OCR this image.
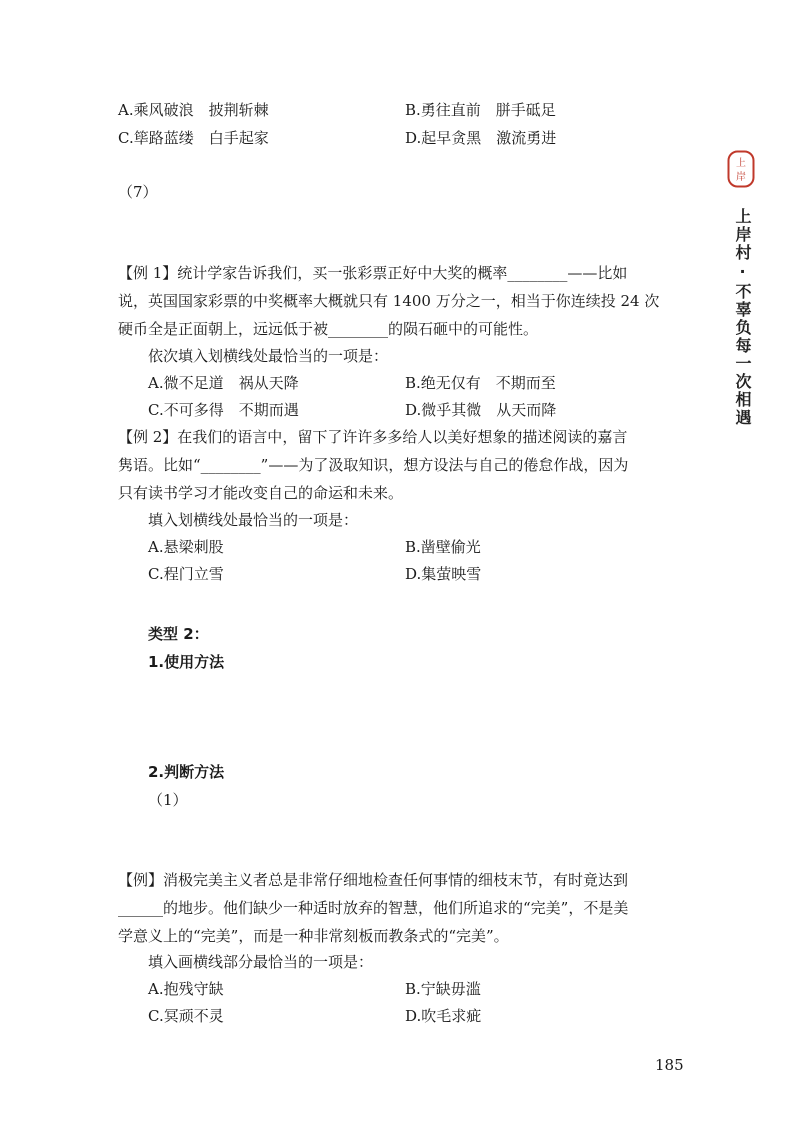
A.乘风破浪　披荆斩棘	B.勇往直前　胼手砥足
C.筚路蓝缕　白手起家	D.起早贪黑　激流勇进
（7）
【例 1】统计学家告诉我们，买一张彩票正好中大奖的概率________——比如
说，英国国家彩票的中奖概率大概就只有 1400 万分之一，相当于你连续投 24 次
硬币全是正面朝上，远远低于被________的陨石砸中的可能性。
依次填入划横线处最恰当的一项是：
A.微不足道　祸从天降	B.绝无仅有　不期而至
C.不可多得　不期而遇	D.微乎其微　从天而降
【例 2】在我们的语言中，留下了许许多多给人以美好想象的描述阅读的嘉言
隽语。比如“________”——为了汲取知识，想方设法与自己的倦怠作战，因为
只有读书学习才能改变自己的命运和未来。
填入划横线处最恰当的一项是：
A.悬梁刺股	B.凿壁偷光
C.程门立雪	D.集萤映雪
类型 2：
1.使用方法
2.判断方法
（1）
【例】消极完美主义者总是非常仔细地检查任何事情的细枝末节，有时竟达到
______的地步。他们缺少一种适时放弃的智慧，他们所追求的“完美”，不是美
学意义上的“完美”，而是一种非常刻板而教条式的“完美”。
填入画横线部分最恰当的一项是：
A.抱残守缺	B.宁缺毋滥
C.冥顽不灵	D.吹毛求疵
上
岸
上岸村·不辜负每一次相遇
185
